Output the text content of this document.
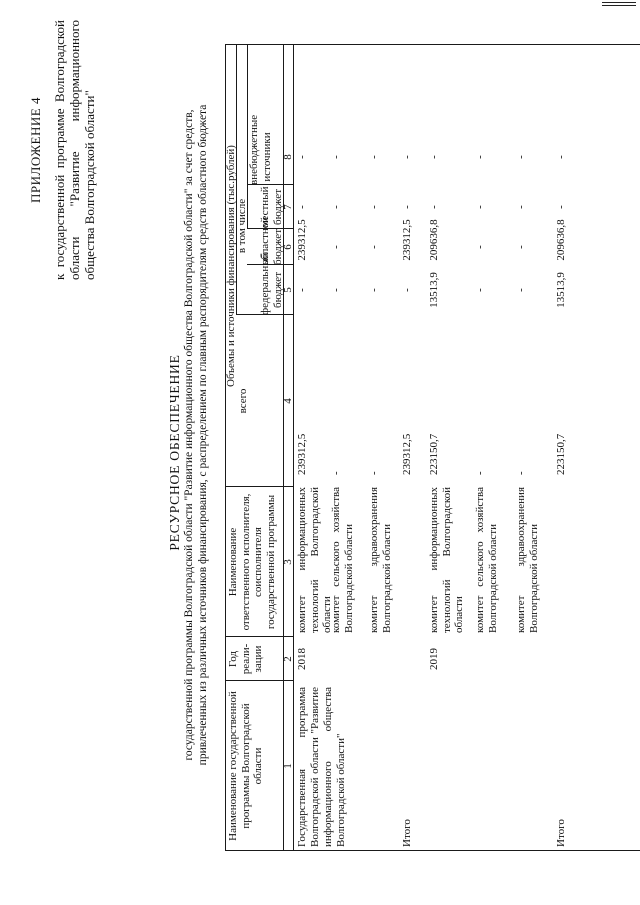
ПРИЛОЖЕНИЕ 4 к государственной программе Волгоградской области "Развитие информационного общества Волгоградской области"
РЕСУРСНОЕ ОБЕСПЕЧЕНИЕ государственной программы Волгоградской области "Развитие информационного общества Волгоградской области" за счет средств, привлеченных из различных источников финансирования, с распределением по главным распорядителям средств областного бюджета
Наименование государственной программы Волгоградской области
Год реали- зации
Наименование ответственного исполнителя, соисполнителя государственной программы
Объемы и источники финансирования (тыс.рублей)
всего
в том числе
федеральный бюджет
областной бюджет
местный бюджет
внебюджетные источники
1
2
3
4
5
6
7
8
Государственная программа Волгоградской области "Развитие информационного общества Волгоградской области"
2018
комитет информационных технологий Волгоградской области
239312,5
-
239312,5
-
-
комитет сельского хозяйства Волгоградской области
-
-
-
-
-
комитет здравоохранения Волгоградской области
-
-
-
-
-
Итого
239312,5
-
239312,5
-
-
2019
комитет информационных технологий Волгоградской области
223150,7
13513,9
209636,8
-
-
комитет сельского хозяйства Волгоградской области
-
-
-
-
-
комитет здравоохранения Волгоградской области
-
-
-
-
-
Итого
223150,7
13513,9
209636,8
-
-
